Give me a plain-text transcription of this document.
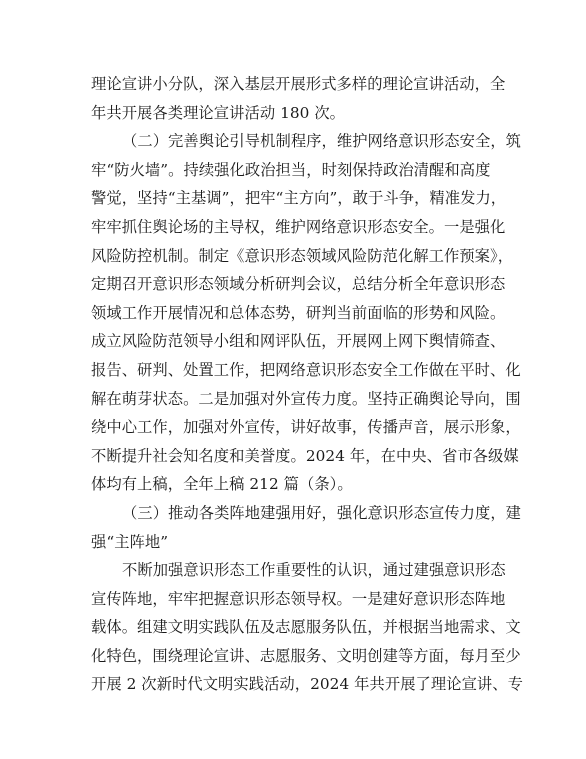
理论宣讲小分队，深入基层开展形式多样的理论宣讲活动，全
年共开展各类理论宣讲活动 180 次。
（二）完善舆论引导机制程序，维护网络意识形态安全，筑
牢“防火墙”。持续强化政治担当，时刻保持政治清醒和高度
警觉，坚持“主基调”，把牢“主方向”，敢于斗争，精准发力，
牢牢抓住舆论场的主导权，维护网络意识形态安全。一是强化
风险防控机制。制定《意识形态领域风险防范化解工作预案》，
定期召开意识形态领域分析研判会议，总结分析全年意识形态
领域工作开展情况和总体态势，研判当前面临的形势和风险。
成立风险防范领导小组和网评队伍，开展网上网下舆情筛查、
报告、研判、处置工作，把网络意识形态安全工作做在平时、化
解在萌芽状态。二是加强对外宣传力度。坚持正确舆论导向，围
绕中心工作，加强对外宣传，讲好故事，传播声音，展示形象，
不断提升社会知名度和美誉度。2024 年，在中央、省市各级媒
体均有上稿，全年上稿 212 篇（条）。
（三）推动各类阵地建强用好，强化意识形态宣传力度，建
强“主阵地”
不断加强意识形态工作重要性的认识，通过建强意识形态
宣传阵地，牢牢把握意识形态领导权。一是建好意识形态阵地
载体。组建文明实践队伍及志愿服务队伍，并根据当地需求、文
化特色，围绕理论宣讲、志愿服务、文明创建等方面，每月至少
开展 2 次新时代文明实践活动，2024 年共开展了理论宣讲、专
